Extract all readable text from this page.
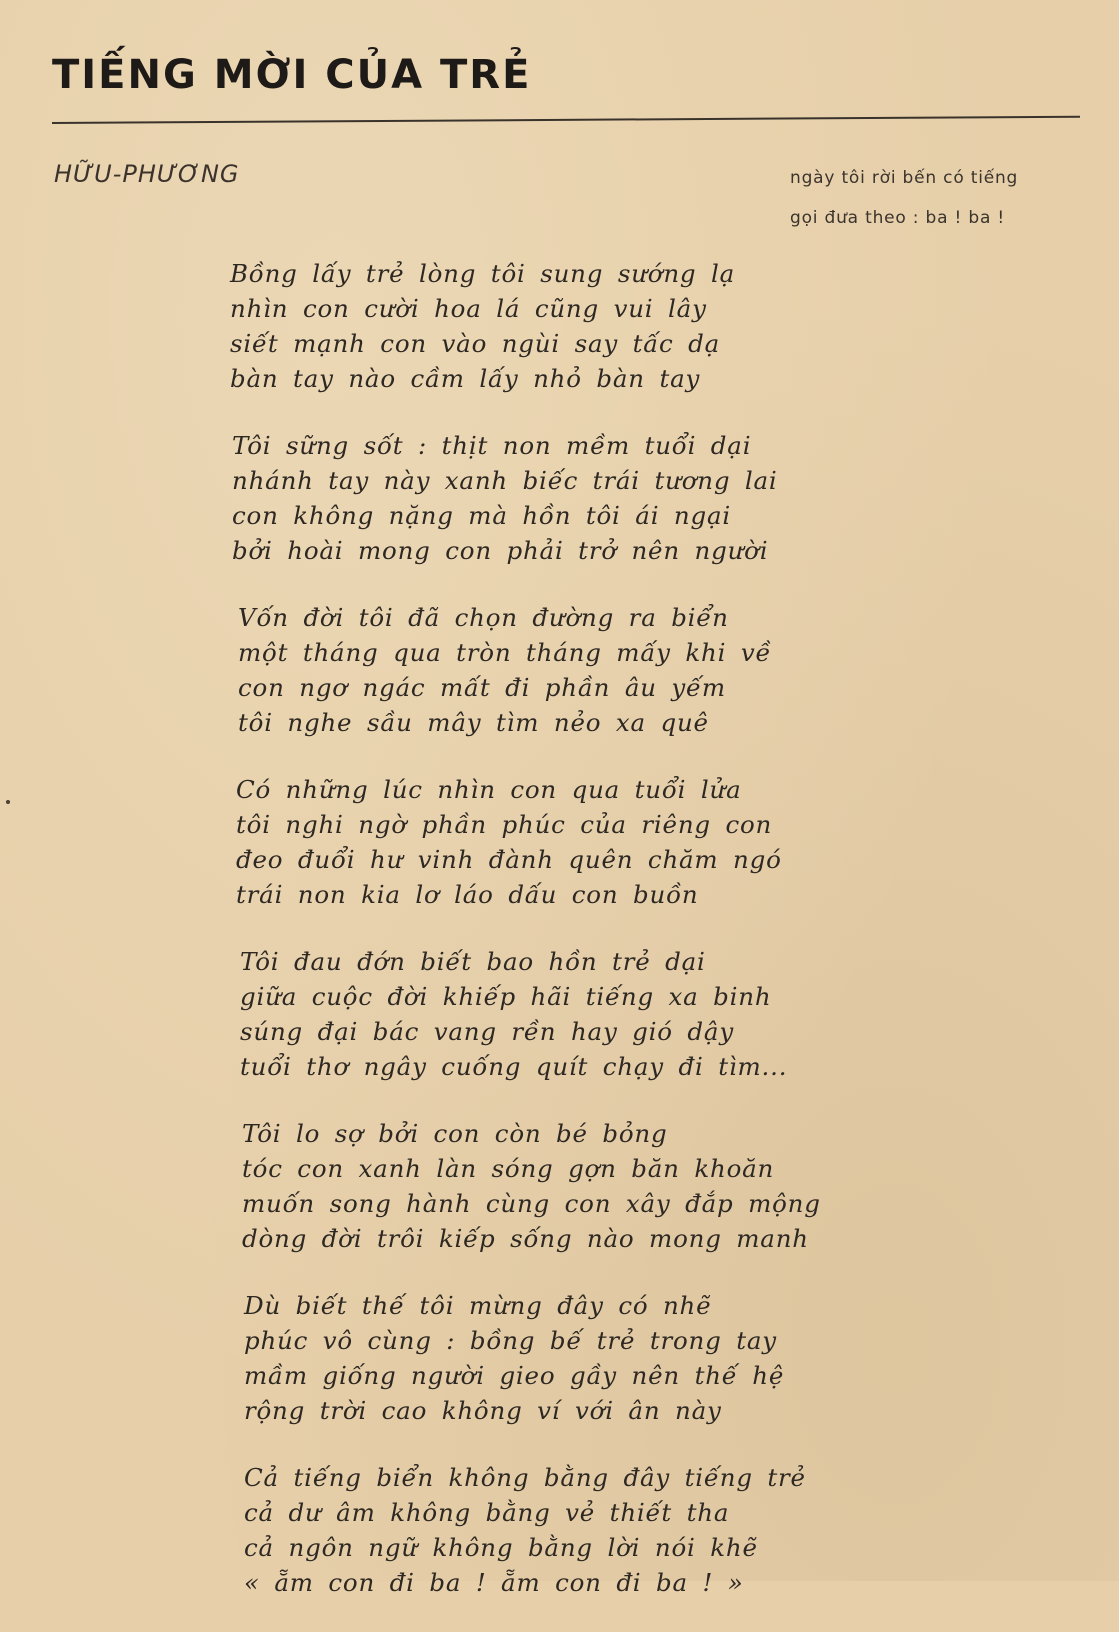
TIẾNG MỜI CỦA TRẺ
HỮU-PHƯƠNG	ngày tôi rời bến có tiếng
gọi đưa theo : ba ! ba !
Bồng lấy trẻ lòng tôi sung sướng lạ
nhìn con cười hoa lá cũng vui lây
siết mạnh con vào ngùi say tấc dạ
bàn tay nào cầm lấy nhỏ bàn tay
Tôi sững sốt : thịt non mềm tuổi dại
nhánh tay này xanh biếc trái tương lai
con không nặng mà hồn tôi ái ngại
bởi hoài mong con phải trở nên người
Vốn đời tôi đã chọn đường ra biển
một tháng qua tròn tháng mấy khi về
con ngơ ngác mất đi phần âu yếm
tôi nghe sầu mây tìm nẻo xa quê
Có những lúc nhìn con qua tuổi lửa
tôi nghi ngờ phần phúc của riêng con
đeo đuổi hư vinh đành quên chăm ngó
trái non kia lơ láo dấu con buồn
Tôi đau đớn biết bao hồn trẻ dại
giữa cuộc đời khiếp hãi tiếng xa binh
súng đại bác vang rền hay gió dậy
tuổi thơ ngây cuống quít chạy đi tìm...
Tôi lo sợ bởi con còn bé bỏng
tóc con xanh làn sóng gợn băn khoăn
muốn song hành cùng con xây đắp mộng
dòng đời trôi kiếp sống nào mong manh
Dù biết thế tôi mừng đây có nhẽ
phúc vô cùng : bồng bế trẻ trong tay
mầm giống người gieo gầy nên thế hệ
rộng trời cao không ví với ân này
Cả tiếng biển không bằng đây tiếng trẻ
cả dư âm không bằng vẻ thiết tha
cả ngôn ngữ không bằng lời nói khẽ
« ẵm con đi ba ! ẵm con đi ba ! »
